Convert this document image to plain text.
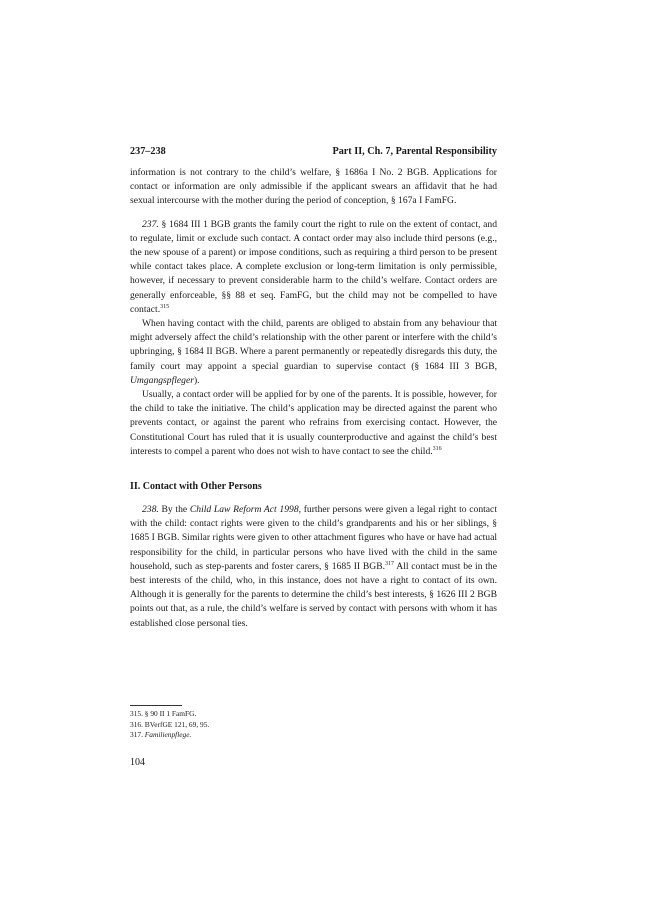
237–238	Part II, Ch. 7, Parental Responsibility

information is not contrary to the child’s welfare, § 1686a I No. 2 BGB. Applications for contact or information are only admissible if the applicant swears an affidavit that he had sexual intercourse with the mother during the period of conception, § 167a I FamFG.

237. § 1684 III 1 BGB grants the family court the right to rule on the extent of contact, and to regulate, limit or exclude such contact. A contact order may also include third persons (e.g., the new spouse of a parent) or impose conditions, such as requiring a third person to be present while contact takes place. A complete exclusion or long-term limitation is only permissible, however, if necessary to prevent considerable harm to the child’s welfare. Contact orders are generally enforceable, §§ 88 et seq. FamFG, but the child may not be compelled to have contact.$^{315}$

When having contact with the child, parents are obliged to abstain from any behaviour that might adversely affect the child’s relationship with the other parent or interfere with the child’s upbringing, § 1684 II BGB. Where a parent permanently or repeatedly disregards this duty, the family court may appoint a special guardian to supervise contact (§ 1684 III 3 BGB, Umgangspfleger).

Usually, a contact order will be applied for by one of the parents. It is possible, however, for the child to take the initiative. The child’s application may be directed against the parent who prevents contact, or against the parent who refrains from exercising contact. However, the Constitutional Court has ruled that it is usually counterproductive and against the child’s best interests to compel a parent who does not wish to have contact to see the child.$^{316}$

II. Contact with Other Persons

238. By the Child Law Reform Act 1998, further persons were given a legal right to contact with the child: contact rights were given to the child’s grandparents and his or her siblings, § 1685 I BGB. Similar rights were given to other attachment figures who have or have had actual responsibility for the child, in particular persons who have lived with the child in the same household, such as step-parents and foster carers, § 1685 II BGB.$^{317}$ All contact must be in the best interests of the child, who, in this instance, does not have a right to contact of its own. Although it is generally for the parents to determine the child’s best interests, § 1626 III 2 BGB points out that, as a rule, the child’s welfare is served by contact with persons with whom it has established close personal ties.

315. § 90 II 1 FamFG.
316. BVerfGE 121, 69, 95.
317. Familienpflege.
104
